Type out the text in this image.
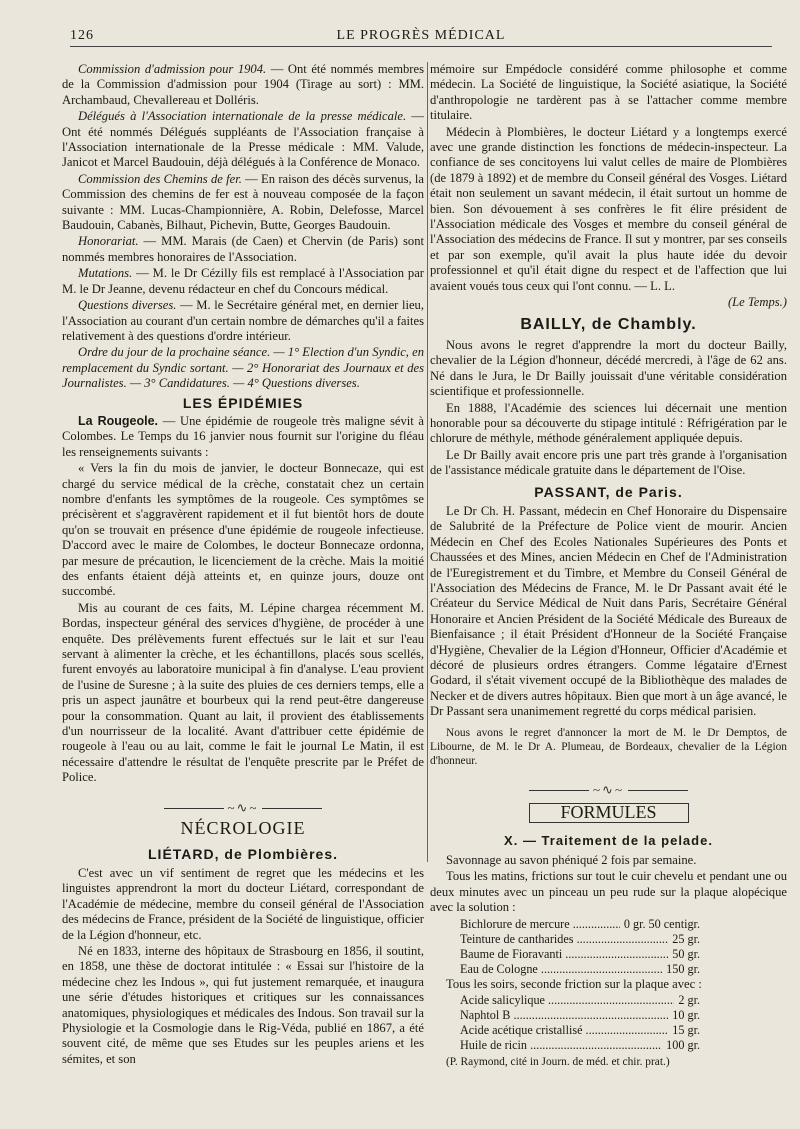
126	LE PROGRÈS MÉDICAL

Commission d'admission pour 1904. — Ont été nommés membres de la Commission d'admission pour 1904 (Tirage au sort) : MM. Archambaud, Chevallereau et Dolléris.

Délégués à l'Association internationale de la presse médicale. — Ont été nommés Délégués suppléants de l'Association française à l'Association internationale de la Presse médicale : MM. Valude, Janicot et Marcel Baudouin, déjà délégués à la Conférence de Monaco.

Commission des Chemins de fer. — En raison des décès survenus, la Commission des chemins de fer est à nouveau composée de la façon suivante : MM. Lucas-Championnière, A. Robin, Delefosse, Marcel Baudouin, Cabanès, Bilhaut, Pichevin, Butte, Georges Baudouin.

Honorariat. — MM. Marais (de Caen) et Chervin (de Paris) sont nommés membres honoraires de l'Association.

Mutations. — M. le Dr Cézilly fils est remplacé à l'Association par M. le Dr Jeanne, devenu rédacteur en chef du Concours médical.

Questions diverses. — M. le Secrétaire général met, en dernier lieu, l'Association au courant d'un certain nombre de démarches qu'il a faites relativement à des questions d'ordre intérieur.

Ordre du jour de la prochaine séance. — 1° Election d'un Syndic, en remplacement du Syndic sortant. — 2° Honorariat des Journaux et des Journalistes. — 3° Candidatures. — 4° Questions diverses.

LES ÉPIDÉMIES

La Rougeole. — Une épidémie de rougeole très maligne sévit à Colombes. Le Temps du 16 janvier nous fournit sur l'origine du fléau les renseignements suivants :

« Vers la fin du mois de janvier, le docteur Bonnecaze, qui est chargé du service médical de la crèche, constatait chez un certain nombre d'enfants les symptômes de la rougeole. Ces symptômes se précisèrent et s'aggravèrent rapidement et il fut bientôt hors de doute qu'on se trouvait en présence d'une épidémie de rougeole infectieuse. D'accord avec le maire de Colombes, le docteur Bonnecaze ordonna, par mesure de précaution, le licenciement de la crèche. Mais la moitié des enfants étaient déjà atteints et, en quinze jours, douze ont succombé.

Mis au courant de ces faits, M. Lépine chargea récemment M. Bordas, inspecteur général des services d'hygiène, de procéder à une enquête. Des prélèvements furent effectués sur le lait et sur l'eau servant à alimenter la crèche, et les échantillons, placés sous scellés, furent envoyés au laboratoire municipal à fin d'analyse. L'eau provient de l'usine de Suresne ; à la suite des pluies de ces derniers temps, elle a pris un aspect jaunâtre et bourbeux qui la rend peut-être dangereuse pour la consommation. Quant au lait, il provient des établissements d'un nourrisseur de la localité. Avant d'attribuer cette épidémie de rougeole à l'eau ou au lait, comme le fait le journal Le Matin, il est nécessaire d'attendre le résultat de l'enquête prescrite par le Préfet de Police.

~∿~
NÉCROLOGIE
LIÉTARD, de Plombières.

C'est avec un vif sentiment de regret que les médecins et les linguistes apprendront la mort du docteur Liétard, correspondant de l'Académie de médecine, membre du conseil général de l'Association des médecins de France, président de la Société de linguistique, officier de la Légion d'honneur, etc.

Né en 1833, interne des hôpitaux de Strasbourg en 1856, il soutint, en 1858, une thèse de doctorat intitulée : « Essai sur l'histoire de la médecine chez les Indous », qui fut justement remarquée, et inaugura une série d'études historiques et critiques sur les connaissances anatomiques, physiologiques et médicales des Indous. Son travail sur la Physiologie et la Cosmologie dans le Rig-Véda, publié en 1867, a été souvent cité, de même que ses Etudes sur les peuples ariens et les sémites, et son

mémoire sur Empédocle considéré comme philosophe et comme médecin. La Société de linguistique, la Société asiatique, la Société d'anthropologie ne tardèrent pas à se l'attacher comme membre titulaire.

Médecin à Plombières, le docteur Liétard y a longtemps exercé avec une grande distinction les fonctions de médecin-inspecteur. La confiance de ses concitoyens lui valut celles de maire de Plombières (de 1879 à 1892) et de membre du Conseil général des Vosges. Liétard était non seulement un savant médecin, il était surtout un homme de bien. Son dévouement à ses confrères le fit élire président de l'Association médicale des Vosges et membre du conseil général de l'Association des médecins de France. Il sut y montrer, par ses conseils et par son exemple, qu'il avait la plus haute idée du devoir professionnel et qu'il était digne du respect et de l'affection que lui avaient voués tous ceux qui l'ont connu. — L. L.

(Le Temps.)

BAILLY, de Chambly.

Nous avons le regret d'apprendre la mort du docteur Bailly, chevalier de la Légion d'honneur, décédé mercredi, à l'âge de 62 ans. Né dans le Jura, le Dr Bailly jouissait d'une véritable considération scientifique et professionnelle.

En 1888, l'Académie des sciences lui décernait une mention honorable pour sa découverte du stipage intitulé : Réfrigération par le chlorure de méthyle, méthode généralement appliquée depuis.

Le Dr Bailly avait encore pris une part très grande à l'organisation de l'assistance médicale gratuite dans le département de l'Oise.

PASSANT, de Paris.

Le Dr Ch. H. Passant, médecin en Chef Honoraire du Dispensaire de Salubrité de la Préfecture de Police vient de mourir. Ancien Médecin en Chef des Ecoles Nationales Supérieures des Ponts et Chaussées et des Mines, ancien Médecin en Chef de l'Administration de l'Euregistrement et du Timbre, et Membre du Conseil Général de l'Association des Médecins de France, M. le Dr Passant avait été le Créateur du Service Médical de Nuit dans Paris, Secrétaire Général Honoraire et Ancien Président de la Société Médicale des Bureaux de Bienfaisance ; il était Président d'Honneur de la Société Française d'Hygiène, Chevalier de la Légion d'Honneur, Officier d'Académie et décoré de plusieurs ordres étrangers. Comme légataire d'Ernest Godard, il s'était vivement occupé de la Bibliothèque des malades de Necker et de divers autres hôpitaux. Bien que mort à un âge avancé, le Dr Passant sera unanimement regretté du corps médical parisien.

Nous avons le regret d'annoncer la mort de M. le Dr Demptos, de Libourne, de M. le Dr A. Plumeau, de Bordeaux, chevalier de la Légion d'honneur.

~∿~
FORMULES
X. — Traitement de la pelade.

Savonnage au savon phéniqué 2 fois par semaine.

Tous les matins, frictions sur tout le cuir chevelu et pendant une ou deux minutes avec un pinceau un peu rude sur la plaque alopécique avec la solution :

Bichlorure de mercure .....	0 gr. 50 centigr.
Teinture de cantharides .....	25 gr.
Baume de Fioravanti .....	50 gr.
Eau de Cologne .....	150 gr.

Tous les soirs, seconde friction sur la plaque avec :

Acide salicylique .....	2 gr.
Naphtol B .....	10 gr.
Acide acétique cristallisé .....	15 gr.
Huile de ricin .....	100 gr.

(P. Raymond, cité in Journ. de méd. et chir. prat.)
